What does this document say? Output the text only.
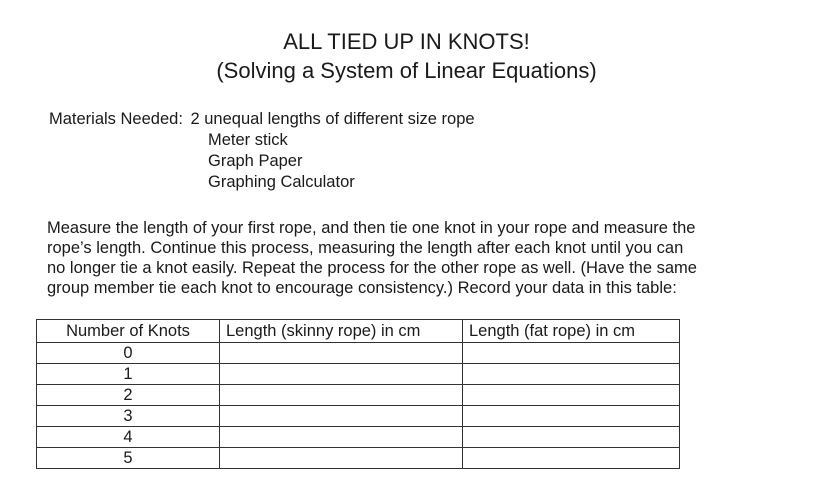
ALL TIED UP IN KNOTS!
(Solving a System of Linear Equations)
Materials Needed: 2 unequal lengths of different size rope
Meter stick
Graph Paper
Graphing Calculator
Measure the length of your first rope, and then tie one knot in your rope and measure the
rope’s length. Continue this process, measuring the length after each knot until you can
no longer tie a knot easily. Repeat the process for the other rope as well. (Have the same
group member tie each knot to encourage consistency.) Record your data in this table:
Number of Knots	Length (skinny rope) in cm	Length (fat rope) in cm
0		
1		
2		
3		
4		
5		
